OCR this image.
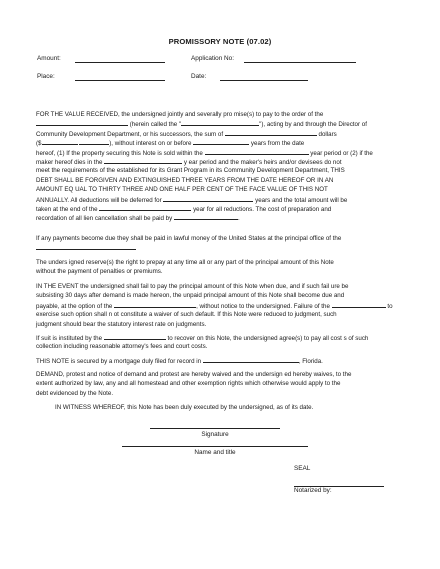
PROMISSORY NOTE (07.02)
Amount:	Application No:
Place:	Date:
FOR THE VALUE RECEIVED, the undersigned jointly and severally pro mise(s) to pay to the order of the
(herein called the "	"), acting by and through the Director of
Community Development Department, or his successors, the sum of	dollars
($	), without interest on or before	years from the date
hereof, (1) If the property securing this Note is sold within the	year period or (2) if the
maker hereof dies in the	y ear period and the maker's heirs and/or devisees do not
meet the requirements of the established for its Grant Program in its Community Development Department, THIS
DEBT SHALL BE FORGIVEN AND EXTINGUISHED THREE YEARS FROM THE DATE HEREOF OR IN AN
AMOUNT EQ UAL TO THIRTY THREE AND ONE HALF PER CENT OF THE FACE VALUE OF THIS NOT
ANNUALLY. All deductions will be deferred for	years and the total amount will be
taken at the end of the	year for all reductions. The cost of preparation and
recordation of all lien cancellation shall be paid by	.
If any payments become due they shall be paid in lawful money of the United States at the principal office of the
The unders igned reserve(s) the right to prepay at any time all or any part of the principal amount of this Note
without the payment of penalties or premiums.
IN THE EVENT the undersigned shall fail to pay the principal amount of this Note when due, and if such fail ure be
subsisting 30 days after demand is made hereon, the unpaid principal amount of this Note shall become due and
payable, at the option of the	, without notice to the undersigned. Failure of the	to
exercise such option shall n ot constitute a waiver of such default. If this Note were reduced to judgment, such
judgment should bear the statutory interest rate on judgments.
If suit is instituted by the	to recover on this Note, the undersigned agree(s) to pay all cost s of such
collection including reasonable attorney's fees and court costs.
THIS NOTE is secured by a mortgage duly filed for record in	, Florida.
DEMAND, protest and notice of demand and protest are hereby waived and the undersign ed hereby waives, to the
extent authorized by law, any and all homestead and other exemption rights which otherwise would apply to the
debt evidenced by the Note.
IN WITNESS WHEREOF, this Note has been duly executed by the undersigned, as of its date.
Signature
Name and title
SEAL
Notarized by:
